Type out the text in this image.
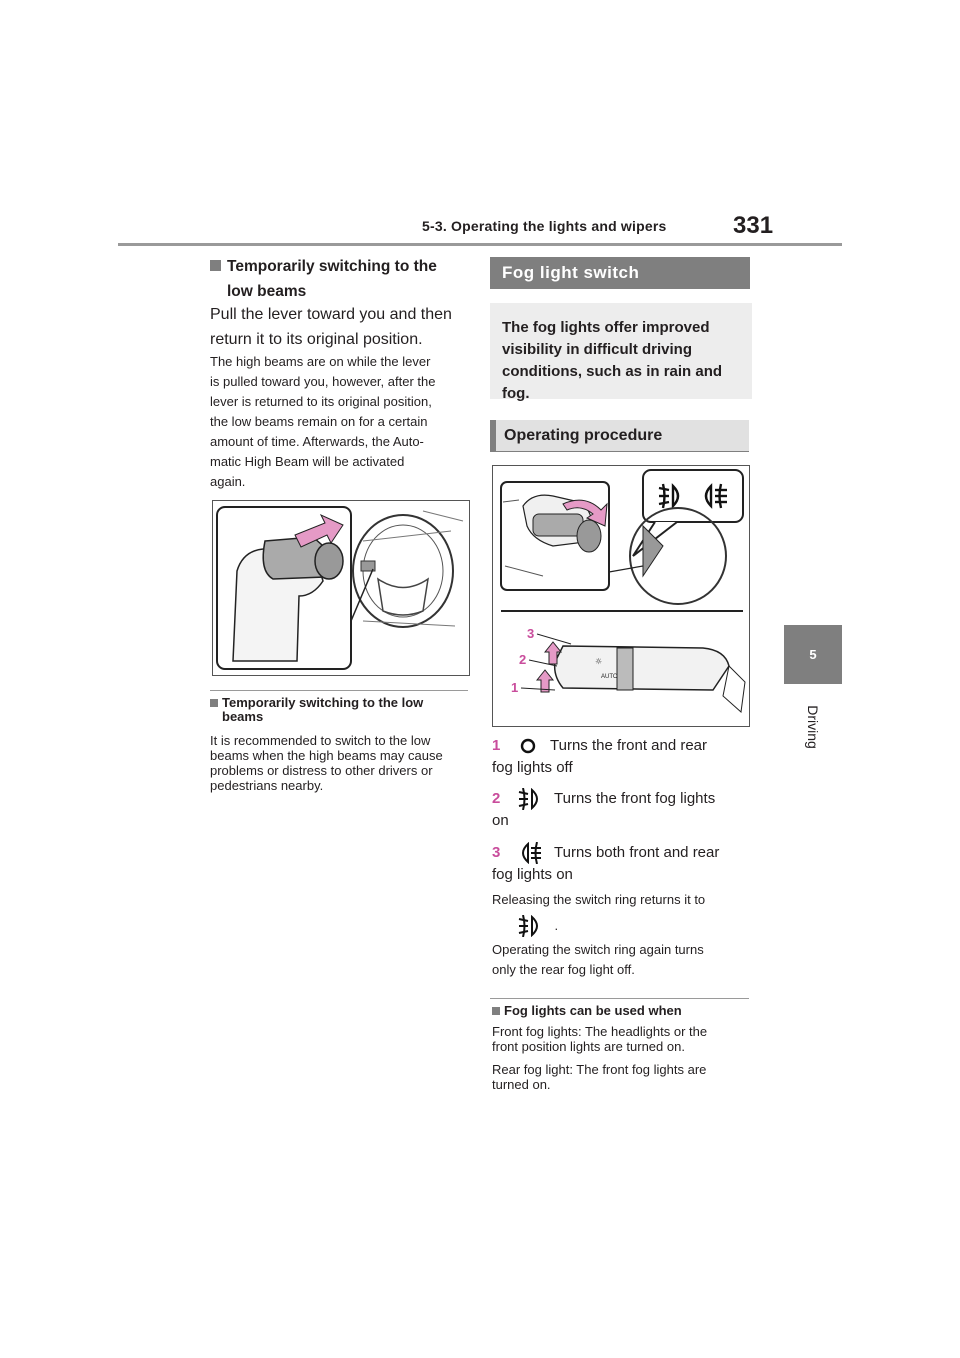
5-3. Operating the lights and wipers	331
5
Driving
Temporarily switching to the
low beams
Pull the lever toward you and then
return it to its original position.
The high beams are on while the lever
is pulled toward you, however, after the
lever is returned to its original position,
the low beams remain on for a certain
amount of time. Afterwards, the Auto-
matic High Beam will be activated
again.
Temporarily switching to the low
beams
It is recommended to switch to the low
beams when the high beams may cause
problems or distress to other drivers or
pedestrians nearby.
Fog light switch
The fog lights offer improved
visibility in difficult driving
conditions, such as in rain and
fog.
Operating procedure
☼
AUTO
3
2
1
1	Turns the front and rear
fog lights off
2	Turns the front fog lights
on
3	Turns both front and rear
fog lights on
Releasing the switch ring returns it to
.
Operating the switch ring again turns
only the rear fog light off.
Fog lights can be used when
Front fog lights: The headlights or the
front position lights are turned on.
Rear fog light: The front fog lights are
turned on.
